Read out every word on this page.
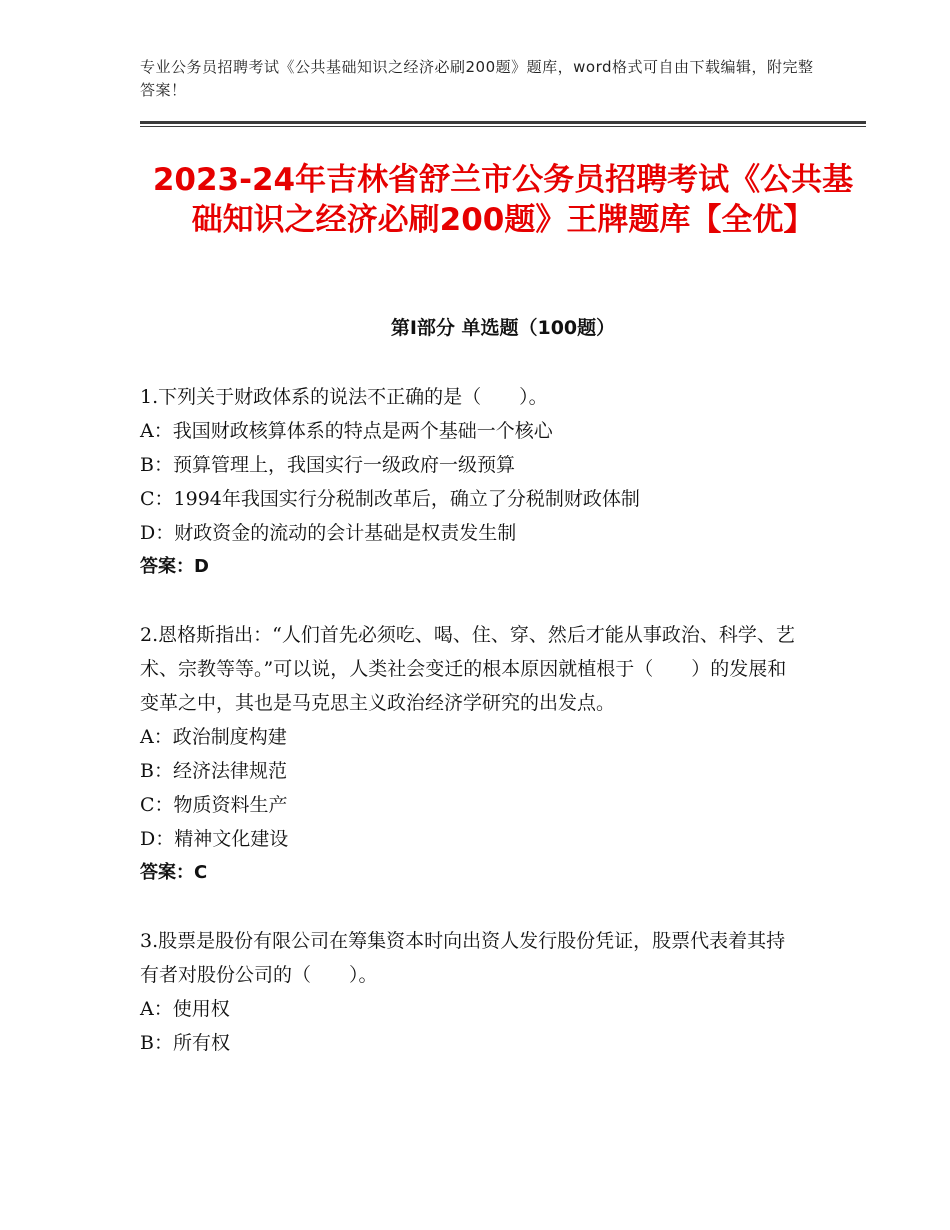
专业公务员招聘考试《公共基础知识之经济必刷200题》题库，word格式可自由下载编辑，附完整答案！
2023-24年吉林省舒兰市公务员招聘考试《公共基础知识之经济必刷200题》王牌题库【全优】
第Ⅰ部分 单选题（100题）

1.下列关于财政体系的说法不正确的是（　　）。

A：我国财政核算体系的特点是两个基础一个核心

B：预算管理上，我国实行一级政府一级预算

C：1994年我国实行分税制改革后，确立了分税制财政体制

D：财政资金的流动的会计基础是权责发生制

答案：D

2.恩格斯指出：“人们首先必须吃、喝、住、穿、然后才能从事政治、科学、艺术、宗教等等。”可以说，人类社会变迁的根本原因就植根于（　　）的发展和变革之中，其也是马克思主义政治经济学研究的出发点。

A：政治制度构建

B：经济法律规范

C：物质资料生产

D：精神文化建设

答案：C

3.股票是股份有限公司在筹集资本时向出资人发行股份凭证，股票代表着其持有者对股份公司的（　　）。

A：使用权

B：所有权
